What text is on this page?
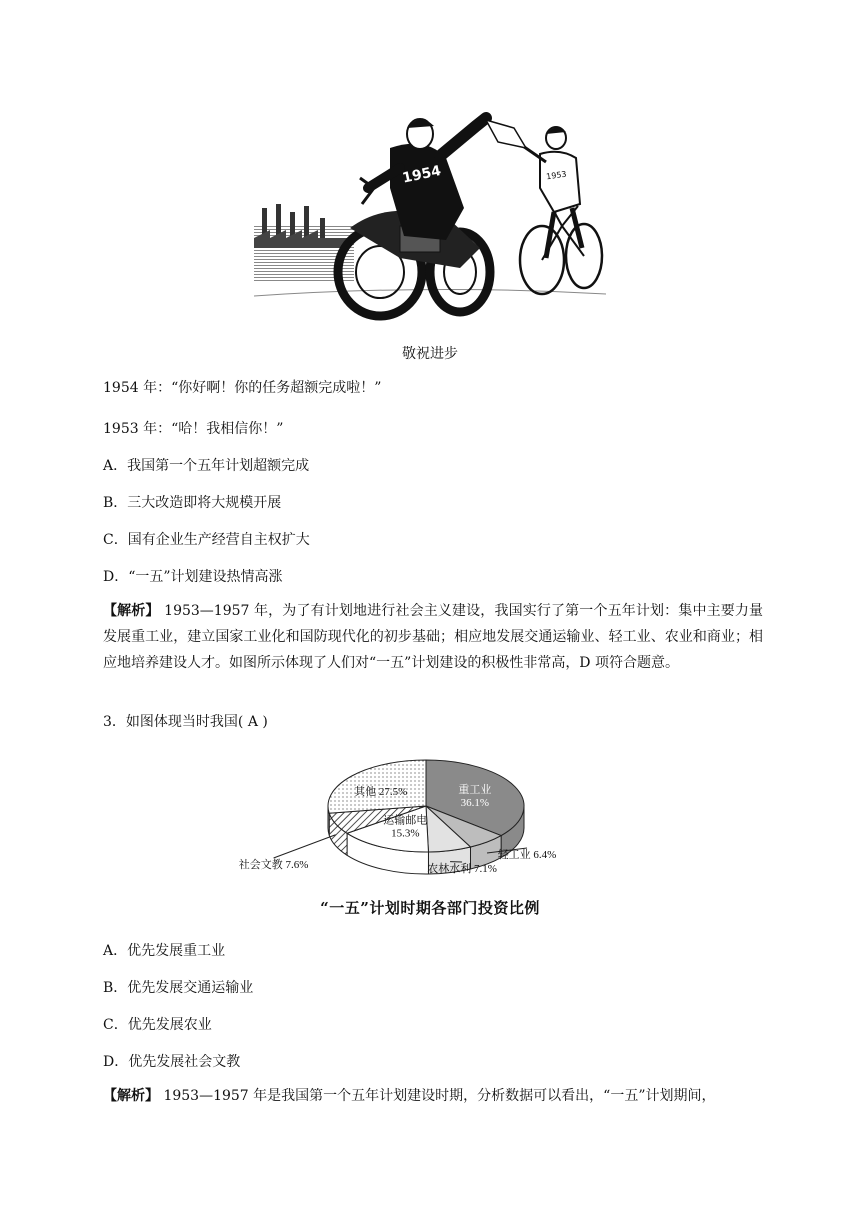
1954	1953
敬祝进步
1954 年：“你好啊！你的任务超额完成啦！”
1953 年：“哈！我相信你！”
A．我国第一个五年计划超额完成
B．三大改造即将大规模开展
C．国有企业生产经营自主权扩大
D．“一五”计划建设热情高涨
【解析】 1953—1957 年，为了有计划地进行社会主义建设，我国实行了第一个五年计划：集中主要力量发展重工业，建立国家工业化和国防现代化的初步基础；相应地发展交通运输业、轻工业、农业和商业；相应地培养建设人才。如图所示体现了人们对“一五”计划建设的积极性非常高，D 项符合题意。
3．如图体现当时我国( A )
重工业
36.1%
轻工业 6.4%
农林水利 7.1%
运输邮电
15.3%
社会文教 7.6%
其他 27.5%
“一五”计划时期各部门投资比例
A．优先发展重工业
B．优先发展交通运输业
C．优先发展农业
D．优先发展社会文教
【解析】 1953—1957 年是我国第一个五年计划建设时期，分析数据可以看出，“一五”计划期间，
